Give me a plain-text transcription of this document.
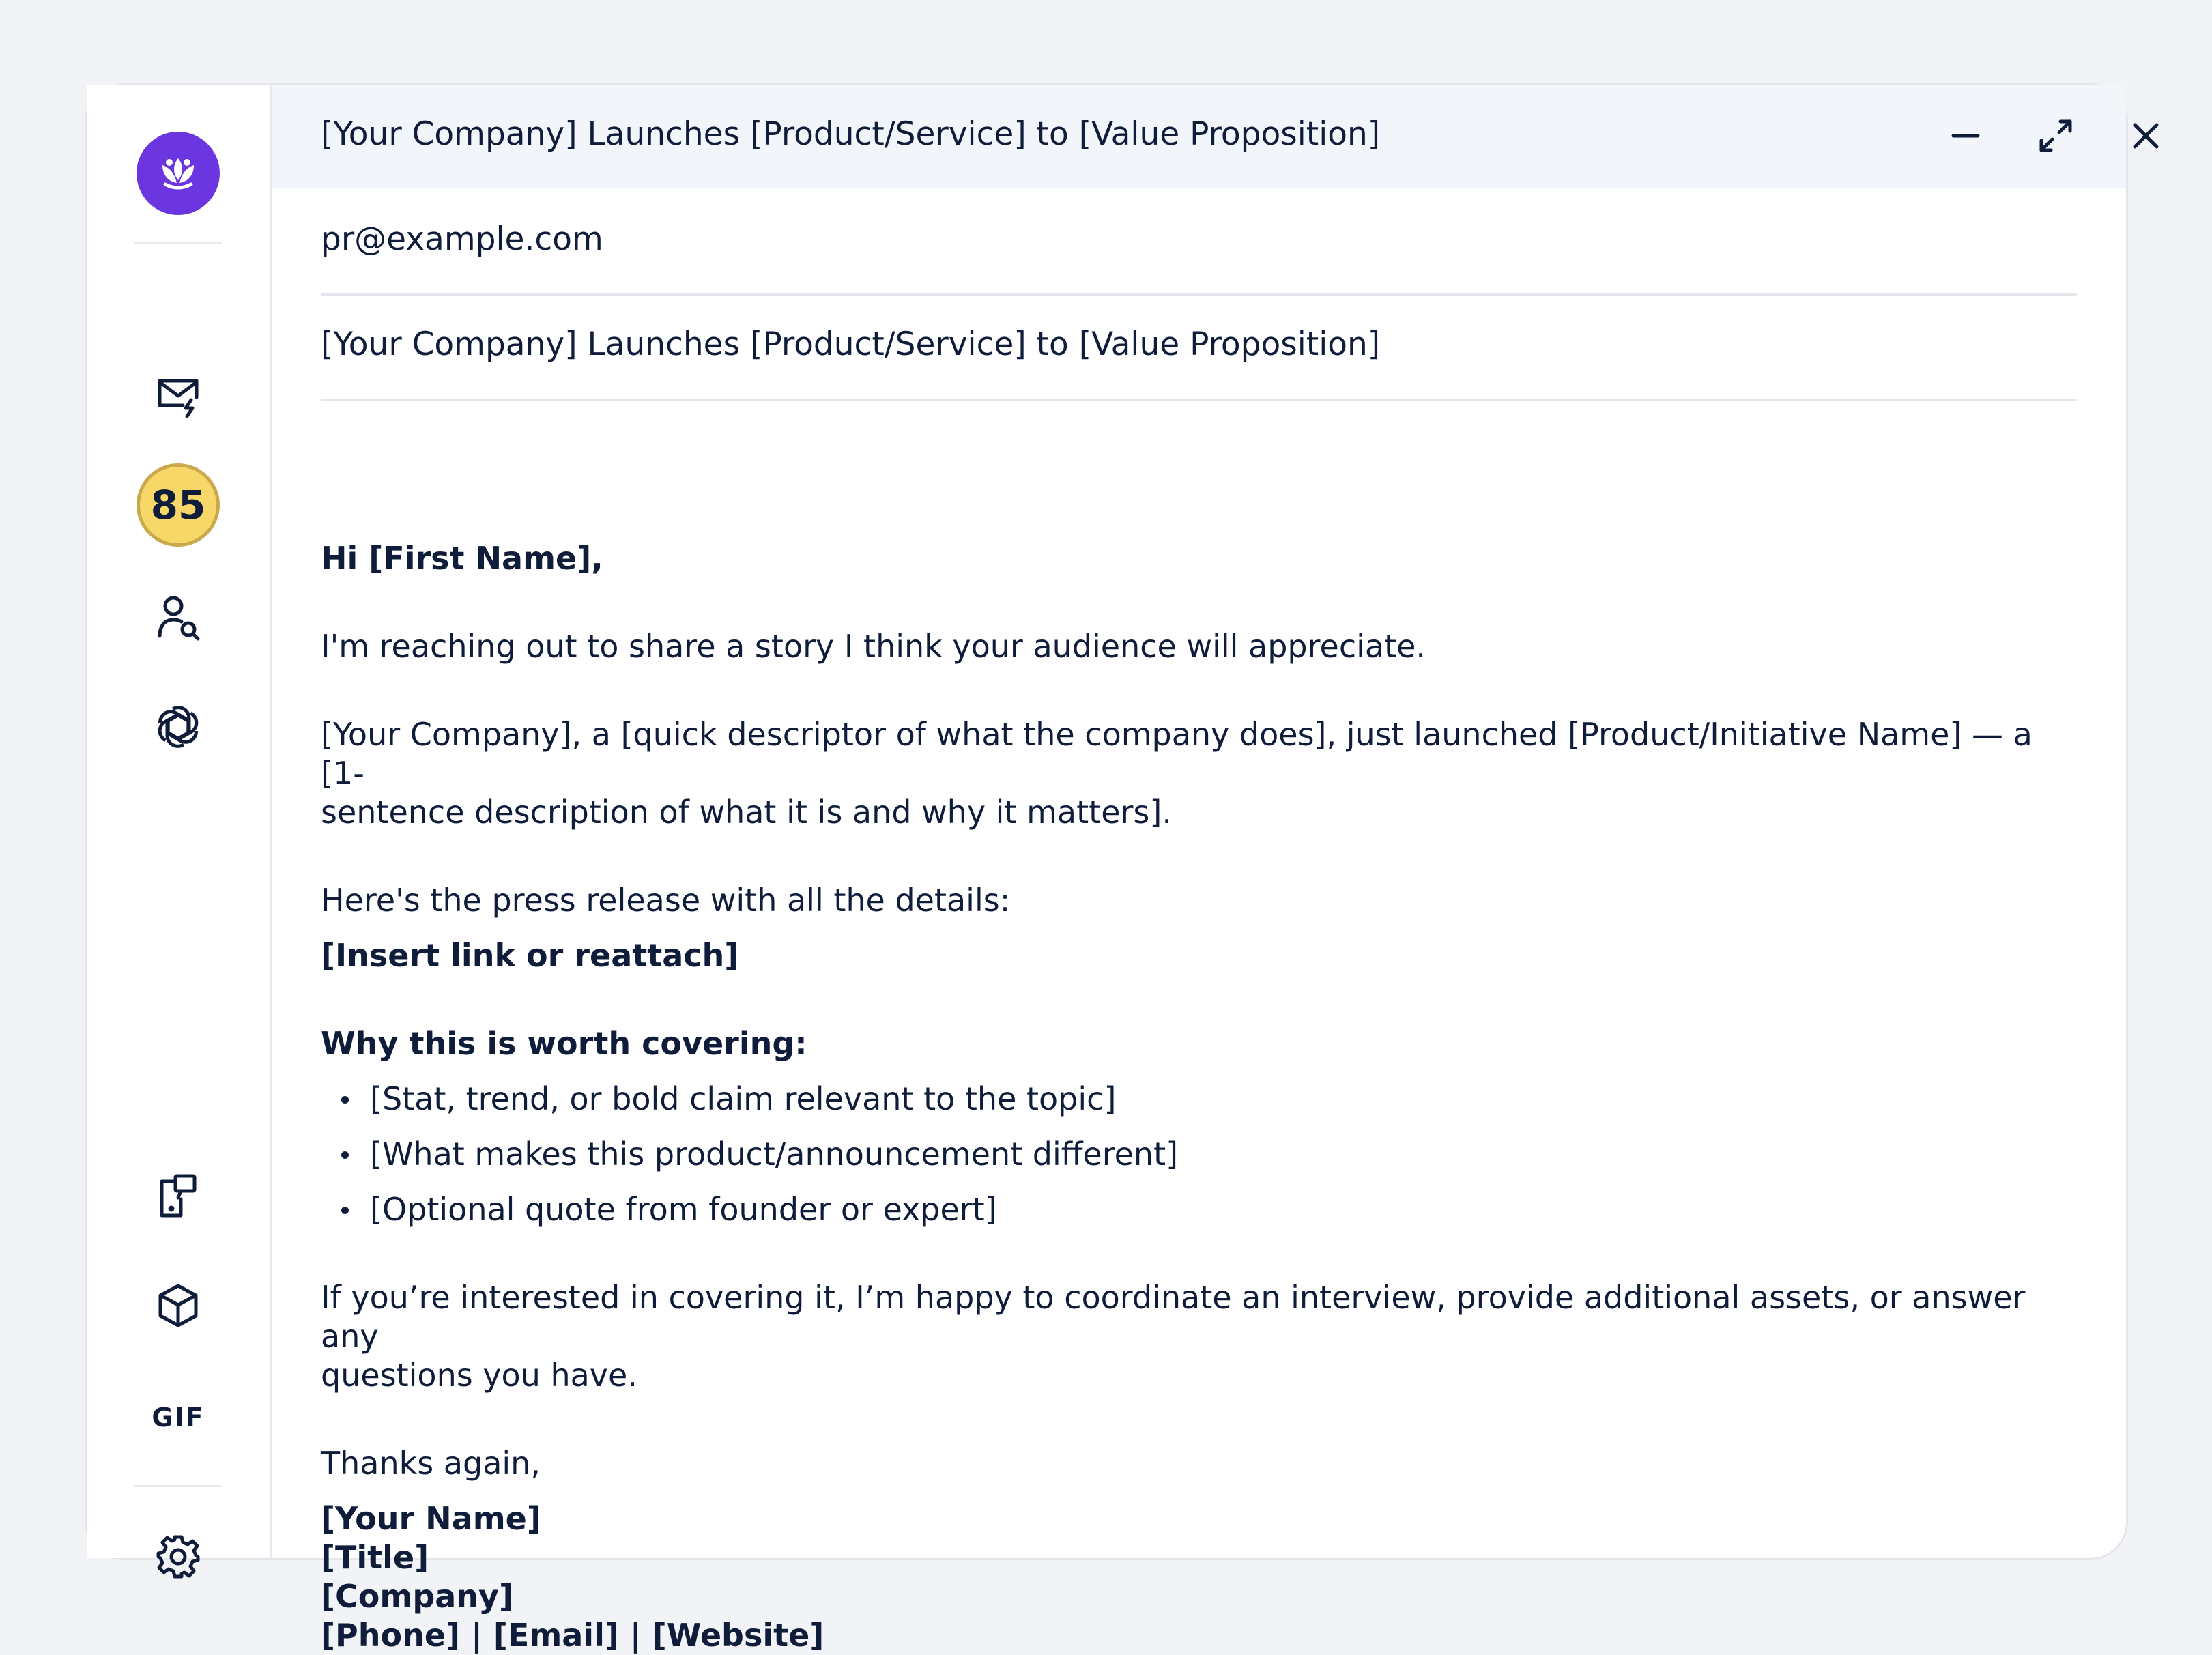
85
GIF
[Your Company] Launches [Product/Service] to [Value Proposition]
pr@example.com
[Your Company] Launches [Product/Service] to [Value Proposition]

Hi [First Name],

I'm reaching out to share a story I think your audience will appreciate.

[Your Company], a [quick descriptor of what the company does], just launched [Product/Initiative Name] — a [1-

sentence description of what it is and why it matters].

Here's the press release with all the details:

[Insert link or reattach]

Why this is worth covering:

[Stat, trend, or bold claim relevant to the topic]
[What makes this product/announcement different]
[Optional quote from founder or expert]

If you’re interested in covering it, I’m happy to coordinate an interview, provide additional assets, or answer any

questions you have.

Thanks again,

[Your Name]

[Title]

[Company]

[Phone] | [Email] | [Website]
